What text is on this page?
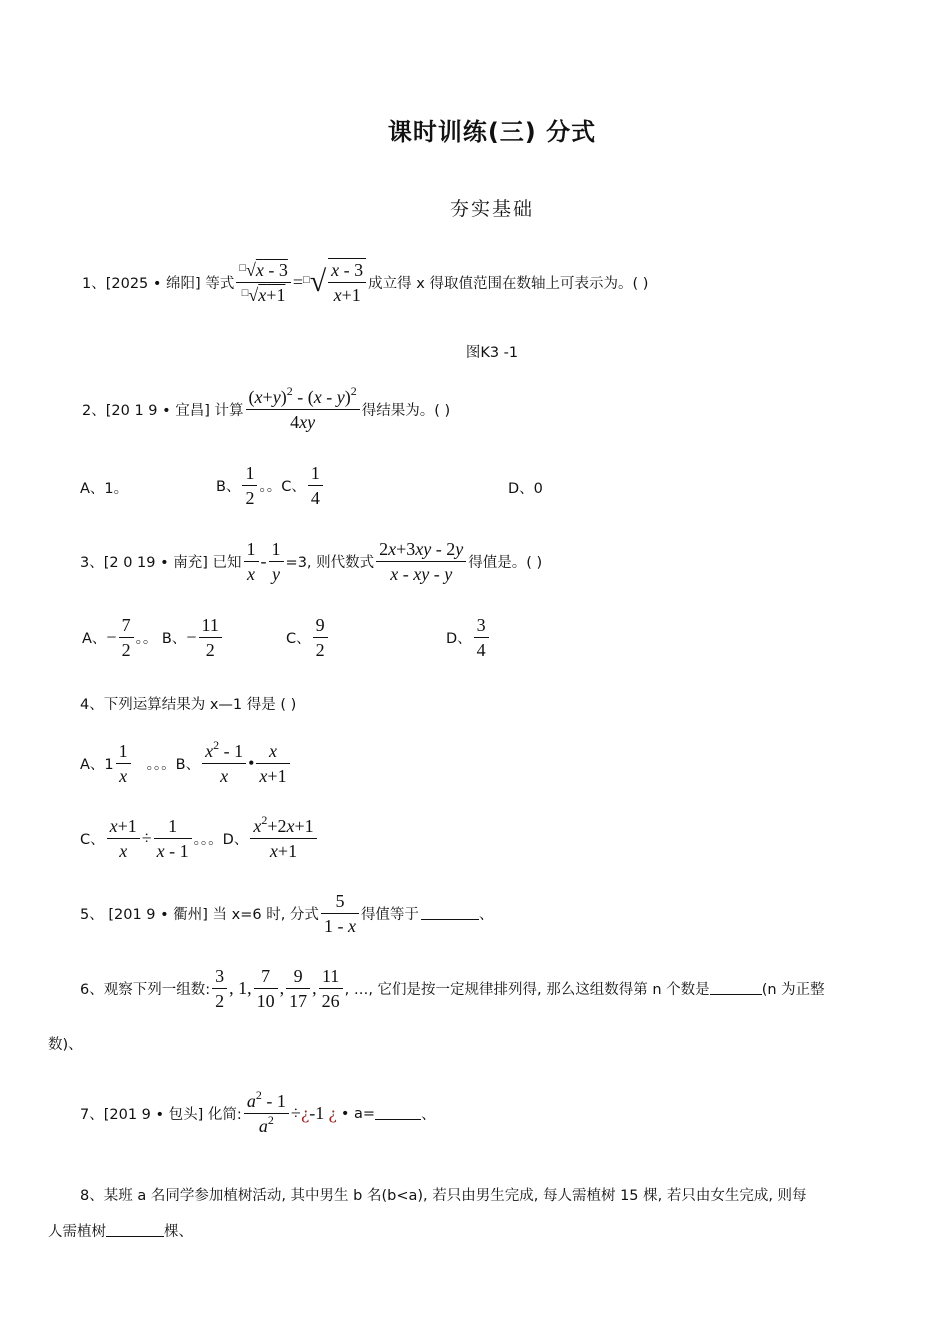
课时训练(三) 分式
夯实基础
1、[2025 • 绵阳] 等式 $\frac{^□√x - 3}{^□√x+1} = ^□√ \frac{x - 3}{x+1}$ 成立得 x 得取值范围在数轴上可表示为。( )
图K3 -1
2、[20 1 9 • 宜昌] 计算 $\frac{(x+y)^2 - (x - y)^2}{4xy}$ 得结果为。( )
A、1。	B、 $\frac{1}{2}$ 。。C、 $\frac{1}{4}$	D、0
3、[2 0 19 • 南充] 已知 $\frac{1}{x} - \frac{1}{y} =3$, 则代数式 $\frac{2x+3xy - 2y}{x - xy - y}$ 得值是。( )
A、 − $\frac{7}{2}$ 。。 B、 − $\frac{11}{2}$	C、 $\frac{9}{2}$	D、 $\frac{3}{4}$
4、下列运算结果为 x—1 得是 ( )
A、$1 \frac{1}{x}$ 。。。B、 $\frac{x^2 - 1}{x}$ • $\frac{x}{x+1}$
C、 $\frac{x+1}{x} \div \frac{1}{x - 1}$ 。。。D、 $\frac{x^2+2x+1}{x+1}$
5、 [201 9 • 衢州] 当 x=6 时, 分式 $\frac{5}{1 - x}$ 得值等于	、
6、观察下列一组数: $\frac{3}{2}$ , 1, $\frac{7}{10}$ , $\frac{9}{17}$ , $\frac{11}{26}$ , …, 它们是按一定规律排列得, 那么这组数得第 n 个数是	(n 为正整
数)、
7、[201 9 • 包头] 化简: $\frac{a^2 - 1}{a^2}$ ÷ ¿ -1 ¿ • a=	、
8、某班 a 名同学参加植树活动, 其中男生 b 名(b<a), 若只由男生完成, 每人需植树 15 棵, 若只由女生完成, 则每
人需植树	棵、
